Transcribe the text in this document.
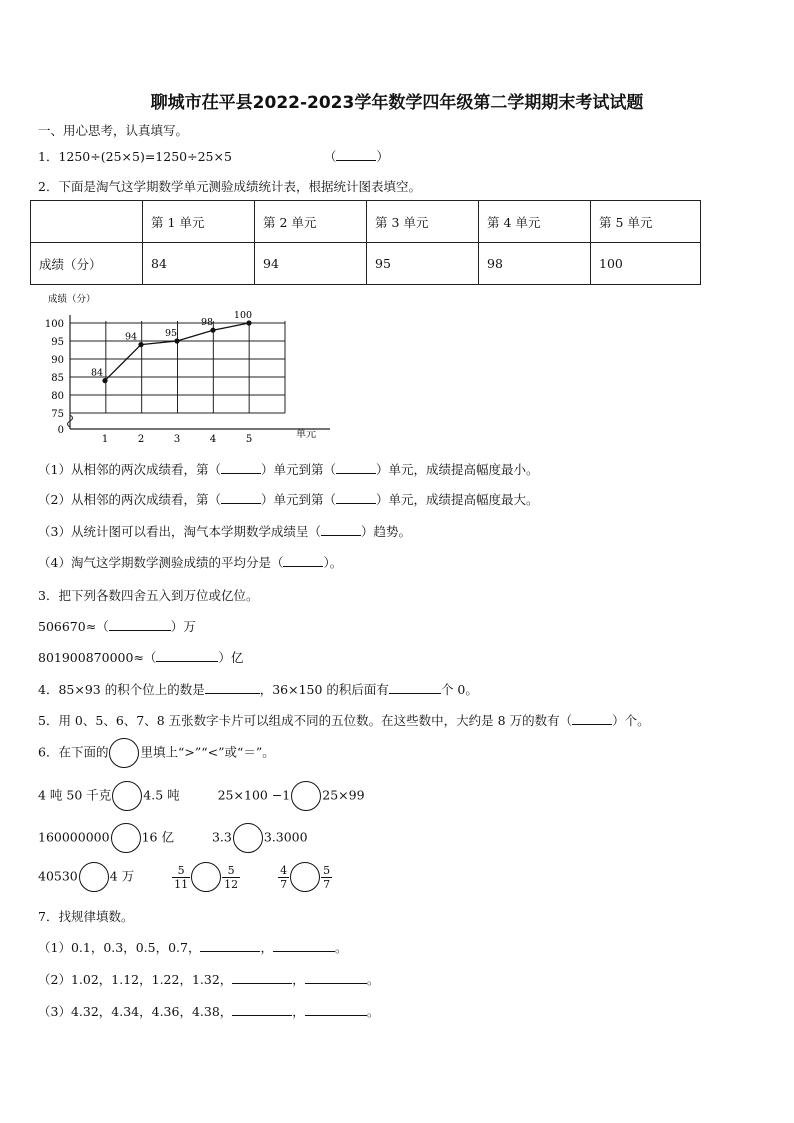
聊城市茌平县2022-2023学年数学四年级第二学期期末考试试题
一、用心思考，认真填写。
1．1250÷(25×5)=1250÷25×5	（	）
2．下面是淘气这学期数学单元测验成绩统计表，根据统计图表填空。
	第 1 单元	第 2 单元	第 3 单元	第 4 单元	第 5 单元
成绩（分）	84	94	95	98	100
100
95
90
85
80
75
0
1	2	3	4	5
成绩（分）
单元
84
94	95
98
100
（1）从相邻的两次成绩看，第（	）单元到第（	）单元，成绩提高幅度最小。
（2）从相邻的两次成绩看，第（	）单元到第（	）单元，成绩提高幅度最大。
（3）从统计图可以看出，淘气本学期数学成绩呈（	）趋势。
（4）淘气这学期数学测验成绩的平均分是（	）。
3．把下列各数四舍五入到万位或亿位。
506670≈（	）万
801900870000≈（	）亿
4．85×93 的积个位上的数是	，36×150 的积后面有	个 0。
5．用 0、5、6、7、8 五张数字卡片可以组成不同的五位数。在这些数中，大约是 8 万的数有（	）个。
6．在下面的	里填上“>”“<”或“＝”。
4 吨 50 千克	4.5 吨	25×100 −1	25×99
160000000	16 亿	3.3	3.3000
40530	4 万	$\frac{5}{11}$	$\frac{5}{12}$
	$\frac{4}{7}$	$\frac{5}{7}$
7．找规律填数。
（1）0.1，0.3，0.5，0.7，	，	。
（2）1.02，1.12，1.22，1.32，	，	。
（3）4.32，4.34，4.36，4.38，	，	。
